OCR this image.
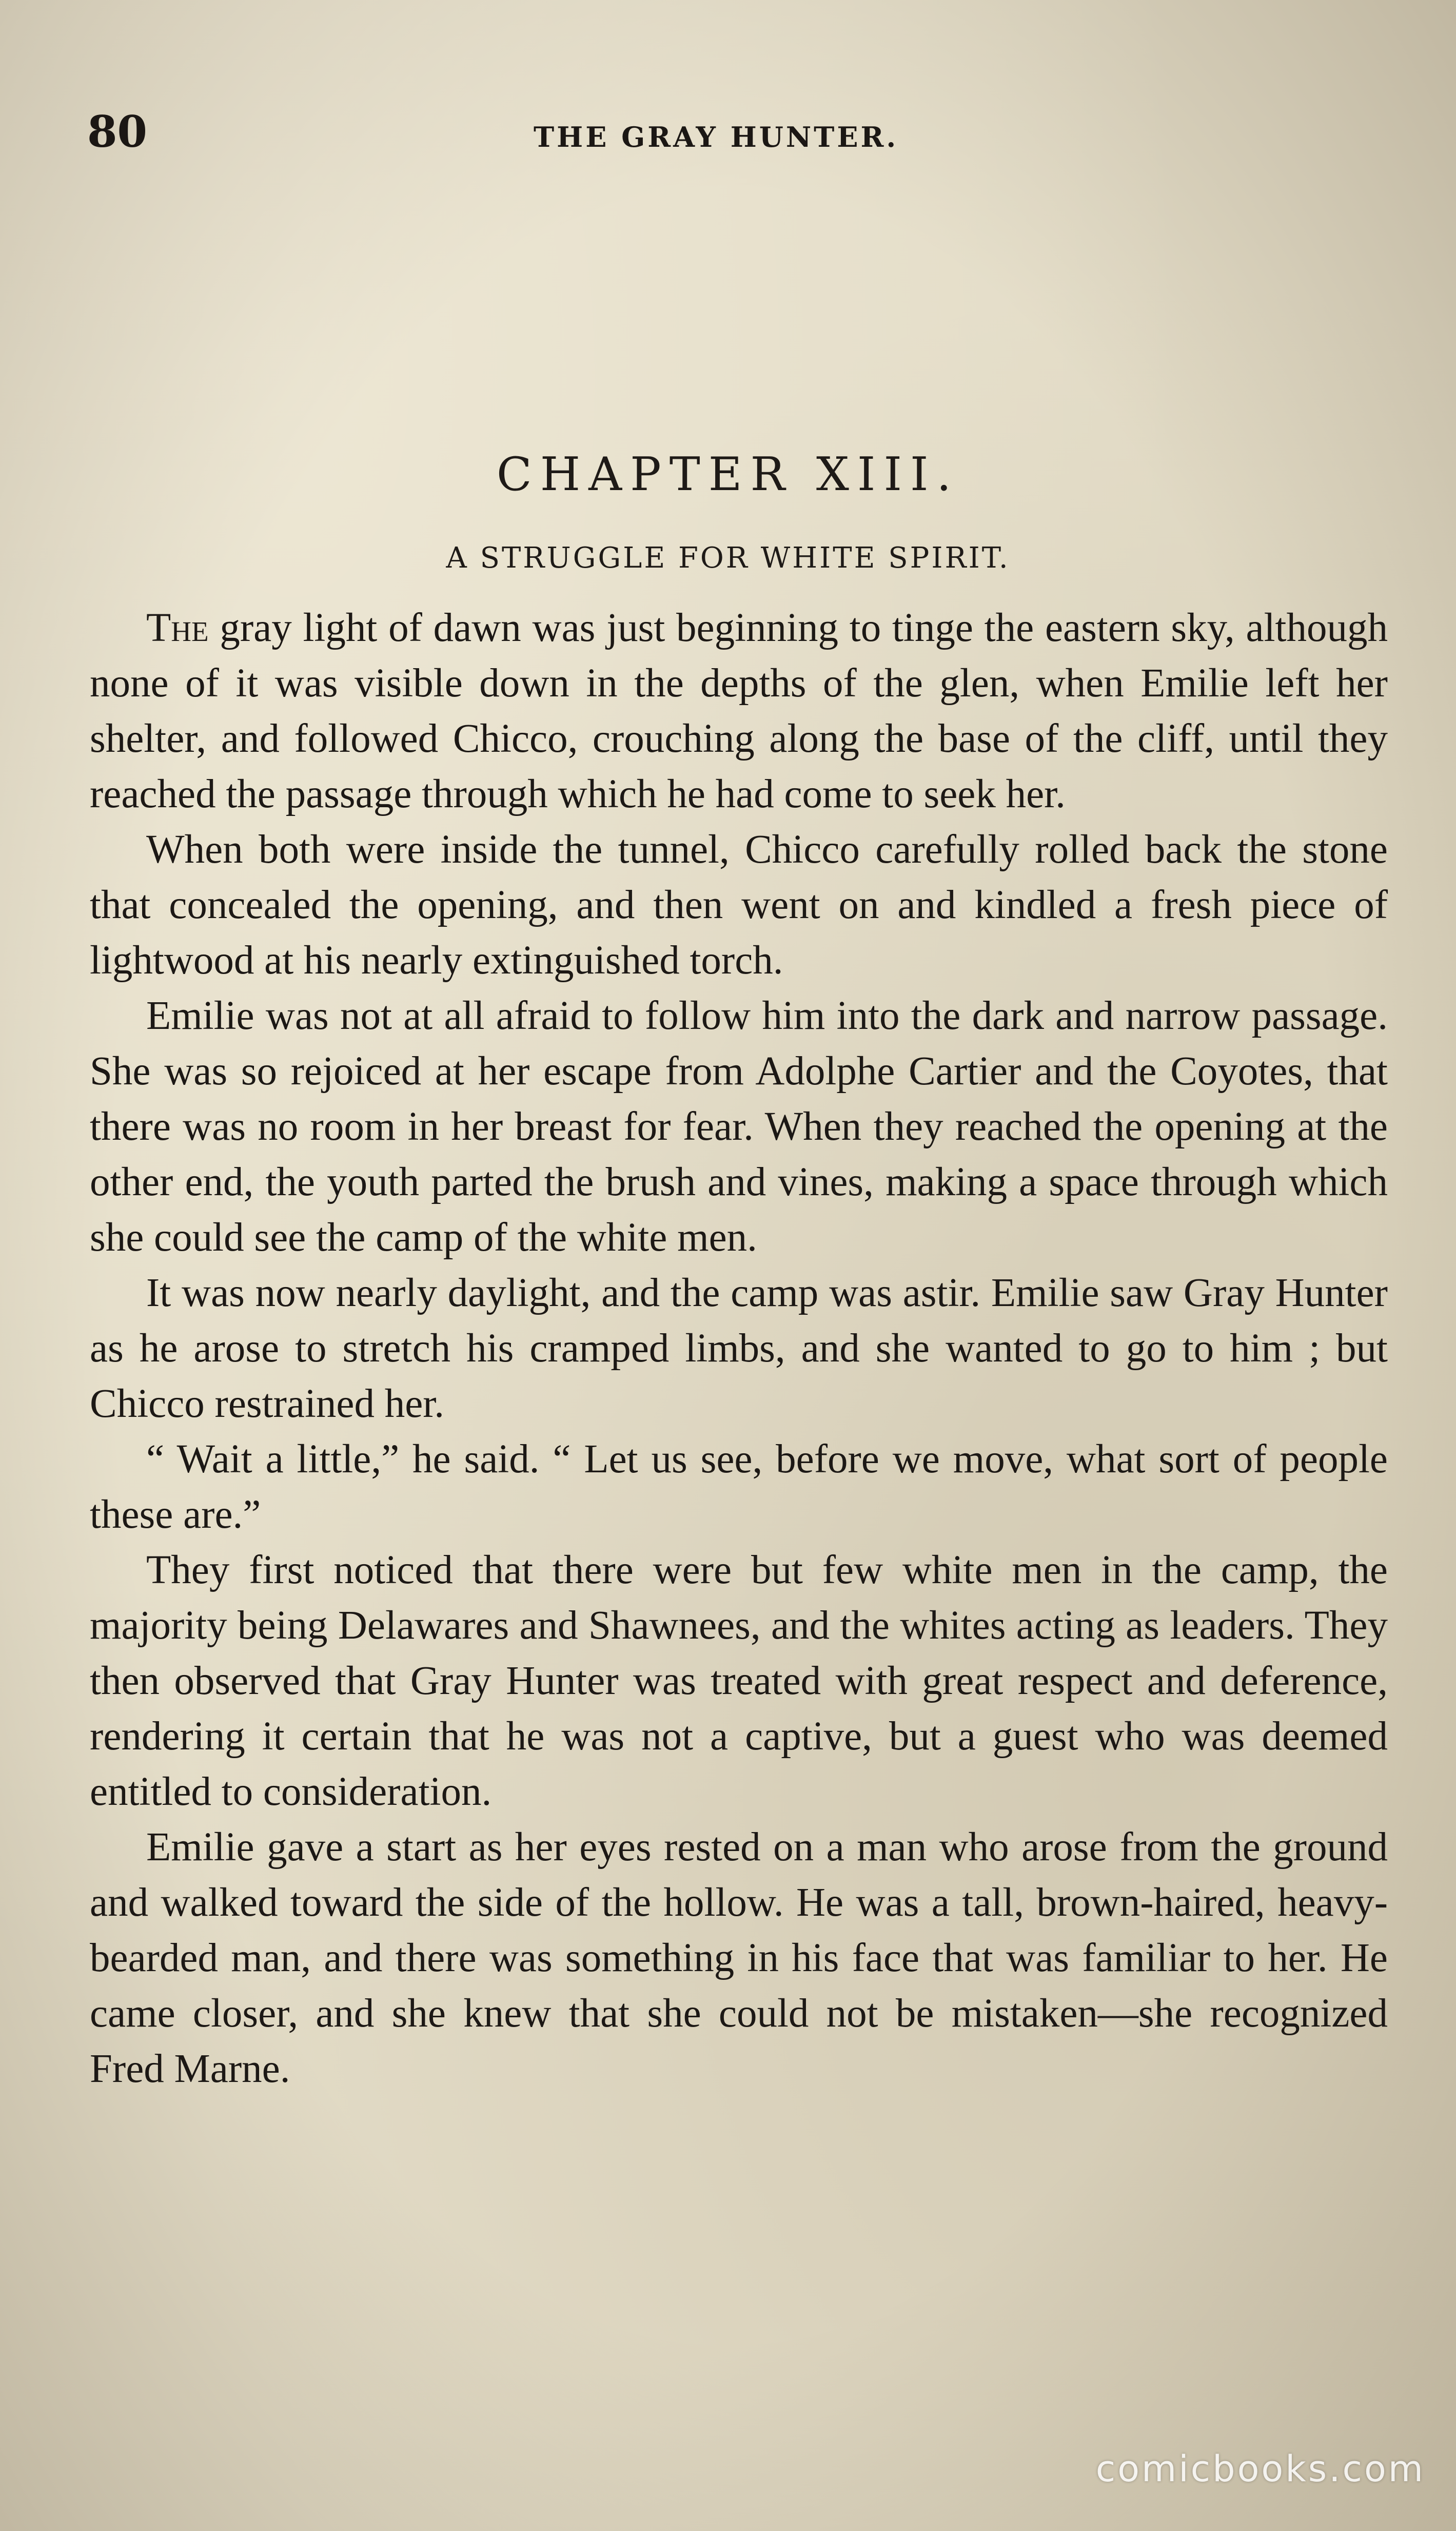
80	THE GRAY HUNTER.
CHAPTER XIII.
A STRUGGLE FOR WHITE SPIRIT.

The gray light of dawn was just beginning to tinge the eastern sky, although none of it was visible down in the depths of the glen, when Emilie left her shelter, and followed Chicco, crouching along the base of the cliff, until they reached the passage through which he had come to seek her.

When both were inside the tunnel, Chicco carefully rolled back the stone that concealed the opening, and then went on and kindled a fresh piece of lightwood at his nearly extinguished torch.

Emilie was not at all afraid to follow him into the dark and narrow passage. She was so rejoiced at her escape from Adolphe Cartier and the Coyotes, that there was no room in her breast for fear. When they reached the opening at the other end, the youth parted the brush and vines, making a space through which she could see the camp of the white men.

It was now nearly daylight, and the camp was astir. Emilie saw Gray Hunter as he arose to stretch his cramped limbs, and she wanted to go to him ; but Chicco restrained her.

“ Wait a little,” he said. “ Let us see, before we move, what sort of people these are.”

They first noticed that there were but few white men in the camp, the majority being Delawares and Shawnees, and the whites acting as leaders. They then observed that Gray Hunter was treated with great respect and deference, rendering it certain that he was not a captive, but a guest who was deemed entitled to consideration.

Emilie gave a start as her eyes rested on a man who arose from the ground and walked toward the side of the hollow. He was a tall, brown-haired, heavy-bearded man, and there was something in his face that was familiar to her. He came closer, and she knew that she could not be mistaken—she recognized Fred Marne.

comicbooks.com
